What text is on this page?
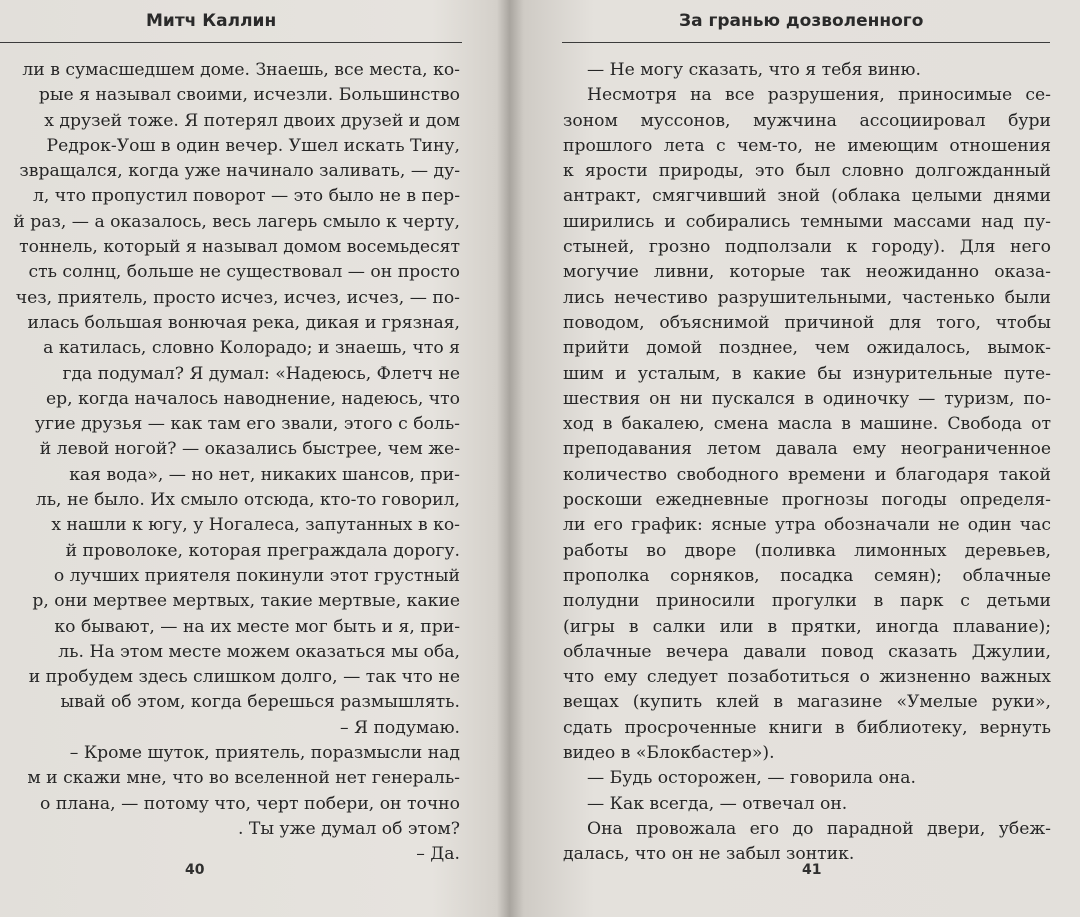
Митч Каллин
ли в сумасшедшем доме. Знаешь, все места, ко-
рые я называл своими, исчезли. Большинство
х друзей тоже. Я потерял двоих друзей и дом
Редрок-Уош в один вечер. Ушел искать Тину,
звращался, когда уже начинало заливать, — ду-
л, что пропустил поворот — это было не в пер-
й раз, — а оказалось, весь лагерь смыло к черту,
тоннель, который я называл домом восемьдесят
сть солнц, больше не существовал — он просто
чез, приятель, просто исчез, исчез, исчез, — по-
илась большая вонючая река, дикая и грязная,
а катилась, словно Колорадо; и знаешь, что я
гда подумал? Я думал: «Надеюсь, Флетч не
ер, когда началось наводнение, надеюсь, что
угие друзья — как там его звали, этого с боль-
й левой ногой? — оказались быстрее, чем же-
кая вода», — но нет, никаких шансов, при-
ль, не было. Их смыло отсюда, кто-то говорил,
х нашли к югу, у Ногалеса, запутанных в ко-
й проволоке, которая преграждала дорогу.
о лучших приятеля покинули этот грустный
р, они мертвее мертвых, такие мертвые, какие
ко бывают, — на их месте мог быть и я, при-
ль. На этом месте можем оказаться мы оба,
и пробудем здесь слишком долго, — так что не
ывай об этом, когда берешься размышлять.
– Я подумаю.
– Кроме шуток, приятель, поразмысли над
м и скажи мне, что во вселенной нет генераль-
о плана, — потому что, черт побери, он точно
. Ты уже думал об этом?
– Да.
40
За гранью дозволенного
— Не могу сказать, что я тебя виню.
Несмотря на все разрушения, приносимые се-
зоном муссонов, мужчина ассоциировал бури
прошлого лета с чем-то, не имеющим отношения
к ярости природы, это был словно долгожданный
антракт, смягчивший зной (облака целыми днями
ширились и собирались темными массами над пу-
стыней, грозно подползали к городу). Для него
могучие ливни, которые так неожиданно оказа-
лись нечестиво разрушительными, частенько были
поводом, объяснимой причиной для того, чтобы
прийти домой позднее, чем ожидалось, вымок-
шим и усталым, в какие бы изнурительные путе-
шествия он ни пускался в одиночку — туризм, по-
ход в бакалею, смена масла в машине. Свобода от
преподавания летом давала ему неограниченное
количество свободного времени и благодаря такой
роскоши ежедневные прогнозы погоды определя-
ли его график: ясные утра обозначали не один час
работы во дворе (поливка лимонных деревьев,
прополка сорняков, посадка семян); облачные
полудни приносили прогулки в парк с детьми
(игры в салки или в прятки, иногда плавание);
облачные вечера давали повод сказать Джулии,
что ему следует позаботиться о жизненно важных
вещах (купить клей в магазине «Умелые руки»,
сдать просроченные книги в библиотеку, вернуть
видео в «Блокбастер»).
— Будь осторожен, — говорила она.
— Как всегда, — отвечал он.
Она провожала его до парадной двери, убеж-
далась, что он не забыл зонтик.
41
